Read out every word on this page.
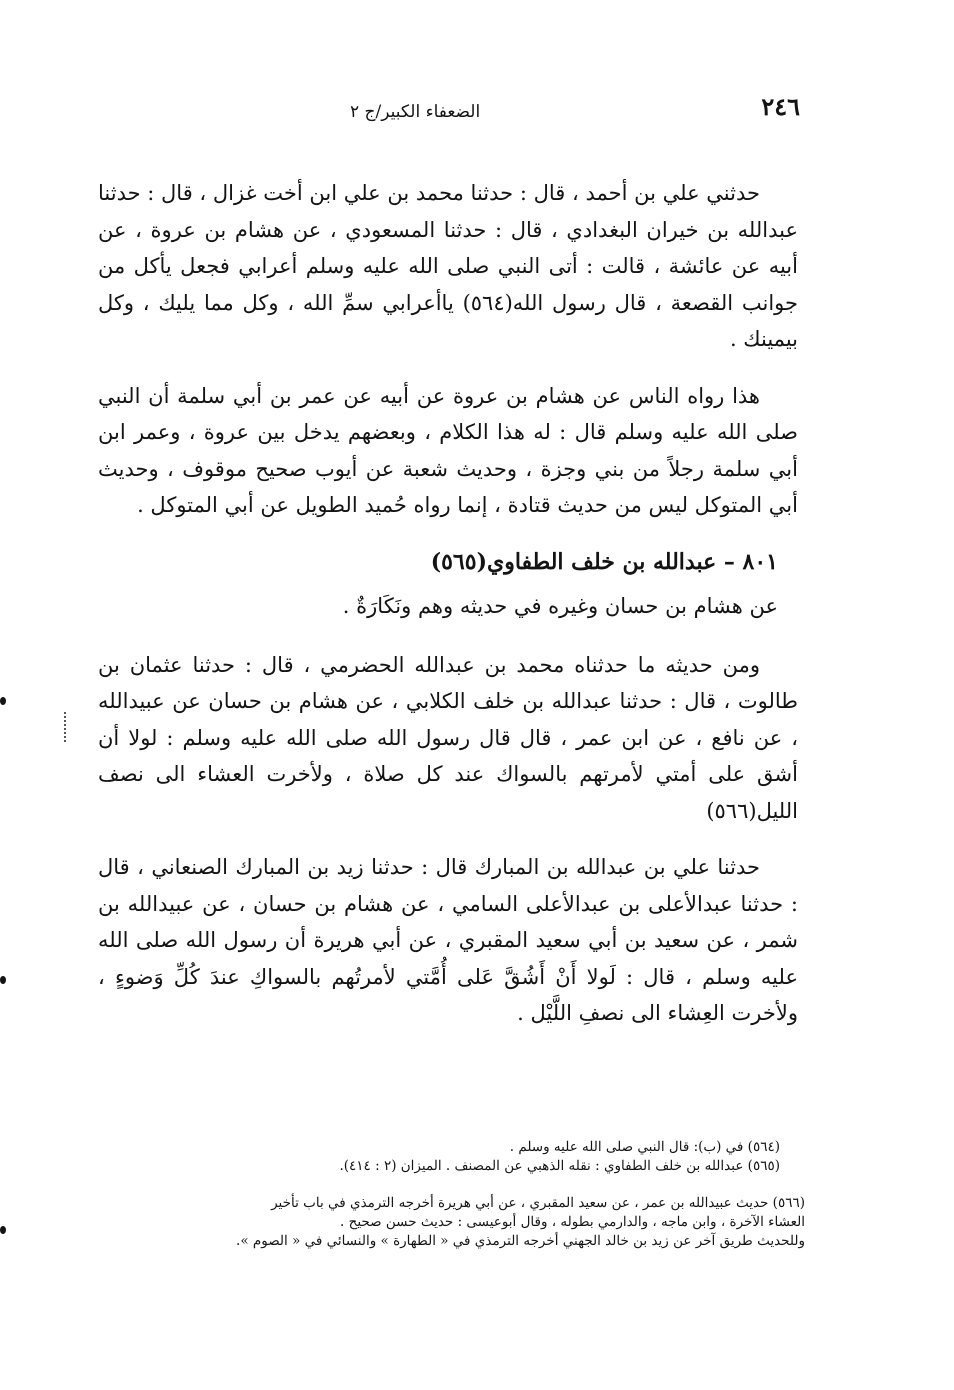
٢٤٦
الضعفاء الكبير/ج ٢

حدثني علي بن أحمد ، قال : حدثنا محمد بن علي ابن أخت غزال ، قال : حدثنا عبدالله بن خيران البغدادي ، قال : حدثنا المسعودي ، عن هشام بن عروة ، عن أبيه عن عائشة ، قالت : أتى النبي صلى الله عليه وسلم أعرابي فجعل يأكل من جوانب القصعة ، قال رسول الله(٥٦٤) ياأعرابي سمِّ الله ، وكل مما يليك ، وكل بيمينك .

هذا رواه الناس عن هشام بن عروة عن أبيه عن عمر بن أبي سلمة أن النبي صلى الله عليه وسلم قال : له هذا الكلام ، وبعضهم يدخل بين عروة ، وعمر ابن أبي سلمة رجلاً من بني وجزة ، وحديث شعبة عن أيوب صحيح موقوف ، وحديث أبي المتوكل ليس من حديث قتادة ، إنما رواه حُميد الطويل عن أبي المتوكل .

٨٠١ – عبدالله بن خلف الطفاوي(٥٦٥)

عن هشام بن حسان وغيره في حديثه وهم ونَكَارَةٌ .

ومن حديثه ما حدثناه محمد بن عبدالله الحضرمي ، قال : حدثنا عثمان بن طالوت ، قال : حدثنا عبدالله بن خلف الكلابي ، عن هشام بن حسان عن عبيدالله ، عن نافع ، عن ابن عمر ، قال قال رسول الله صلى الله عليه وسلم : لولا أن أشق على أمتي لأمرتهم بالسواك عند كل صلاة ، ولأخرت العشاء الى نصف الليل(٥٦٦)

حدثنا علي بن عبدالله بن المبارك قال : حدثنا زيد بن المبارك الصنعاني ، قال : حدثنا عبدالأعلى بن عبدالأعلى السامي ، عن هشام بن حسان ، عن عبيدالله بن شمر ، عن سعيد بن أبي سعيد المقبري ، عن أبي هريرة أن رسول الله صلى الله عليه وسلم ، قال : لَولا أَنْ أَشُقَّ عَلى أُمَّتي لأمرتُهم بالسواكِ عندَ كُلِّ وَضوءٍ ، ولأخرت العِشاء الى نصفِ اللَّيْل .

(٥٦٤) في (ب): قال النبي صلى الله عليه وسلم .

(٥٦٥) عبدالله بن خلف الطفاوي : نقله الذهبي عن المصنف . الميزان (٢ : ٤١٤).

(٥٦٦) حديث عبيدالله بن عمر ، عن سعيد المقبري ، عن أبي هريرة أخرجه الترمذي في باب تأخير

العشاء الآخرة ، وابن ماجه ، والدارمي بطوله ، وقال أبوعيسى : حديث حسن صحيح .

وللحديث طريق آخر عن زيد بن خالد الجهني أخرجه الترمذي في « الطهارة » والنسائي في « الصوم ».
